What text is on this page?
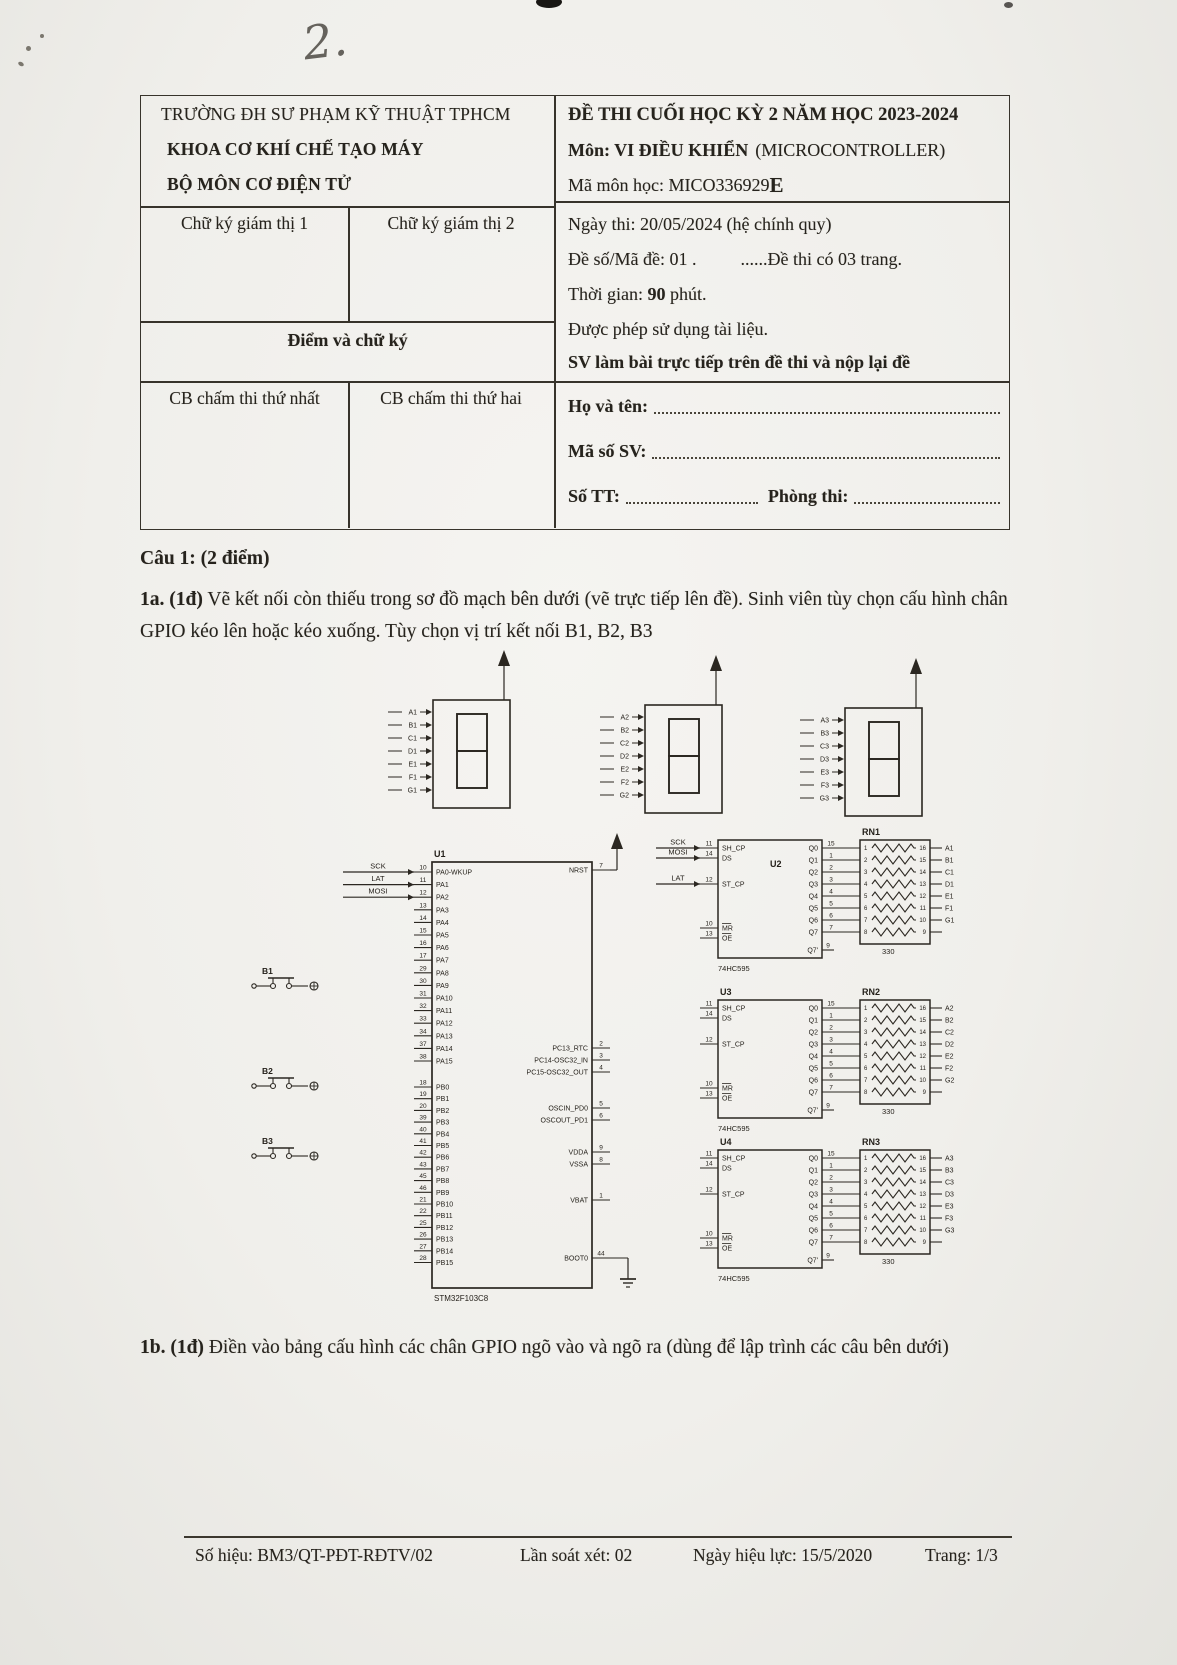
2.
TRƯỜNG ĐH SƯ PHẠM KỸ THUẬT TPHCM
KHOA CƠ KHÍ CHẾ TẠO MÁY
BỘ MÔN CƠ ĐIỆN TỬ
Chữ ký giám thị 1	Chữ ký giám thị 2
Điểm và chữ ký
CB chấm thi thứ nhất	CB chấm thi thứ hai
ĐỀ THI CUỐI HỌC KỲ 2 NĂM HỌC 2023-2024
Môn: VI ĐIỀU KHIỂN (MICROCONTROLLER)
Mã môn học: MICO336929E
Ngày thi: 20/05/2024 (hệ chính quy)
Đề số/Mã đề: 01 . ......Đề thi có 03 trang.
Thời gian: 90 phút.
Được phép sử dụng tài liệu.
SV làm bài trực tiếp trên đề thi và nộp lại đề
Họ và tên:
Mã số SV:
Số TT:	Phòng thi:
Câu 1: (2 điểm)
1a. (1đ) Vẽ kết nối còn thiếu trong sơ đồ mạch bên dưới (vẽ trực tiếp lên đề). Sinh viên tùy chọn cấu hình chân GPIO kéo lên hoặc kéo xuống. Tùy chọn vị trí kết nối B1, B2, B3
A1
B1
C1
D1
E1
F1
G1
A2
B2
C2
D2
E2
F2
G2
A3
B3
C3
D3
E3
F3
G3
U1
STM32F103C8
10
PA0-WKUP
11
PA1
12
PA2
13
PA3
14
PA4
15
PA5
16
PA6
17
PA7
29
PA8
30
PA9
31
PA10
32
PA11
33
PA12
34
PA13
37
PA14
38
PA15
18
PB0
19
PB1
20
PB2
39
PB3
40
PB4
41
PB5
42
PB6
43
PB7
45
PB8
46
PB9
21
PB10
22
PB11
25
PB12
26
PB13
27
PB14
28
PB15
SCK
LAT
MOSI
7
NRST
2
PC13_RTC
3
PC14-OSC32_IN
4
PC15-OSC32_OUT
5
OSCIN_PD0
6
OSCOUT_PD1
9
VDDA
8
VSSA
1
VBAT
44
BOOT0
U2
74HC595
11
SH_CP
SCK
14
DS
MOSI
12
ST_CP
LAT
10
MR
13
OE
Q0
15
Q1
1
Q2
2
Q3
3
Q4
4
Q5
5
Q6
6
Q7
7
Q7'
9
U3
74HC595
11
SH_CP
14
DS
12
ST_CP
10
MR
13
OE
Q0
15
Q1
1
Q2
2
Q3
3
Q4
4
Q5
5
Q6
6
Q7
7
Q7'
9
U4
74HC595
11
SH_CP
14
DS
12
ST_CP
10
MR
13
OE
Q0
15
Q1
1
Q2
2
Q3
3
Q4
4
Q5
5
Q6
6
Q7
7
Q7'
9
RN1
330
1	16	A1
2	15	B1
3	14	C1
4	13	D1
5	12	E1
6	11	F1
7	10	G1
8	9
RN2
330
1	16	A2
2	15	B2
3	14	C2
4	13	D2
5	12	E2
6	11	F2
7	10	G2
8	9
RN3
330
1	16	A3
2	15	B3
3	14	C3
4	13	D3
5	12	E3
6	11	F3
7	10	G3
8	9
B1
B2
B3
1b. (1đ) Điền vào bảng cấu hình các chân GPIO ngõ vào và ngõ ra (dùng để lập trình các câu bên dưới)
Số hiệu: BM3/QT-PĐT-RĐTV/02	Lần soát xét: 02	Ngày hiệu lực: 15/5/2020	Trang: 1/3
